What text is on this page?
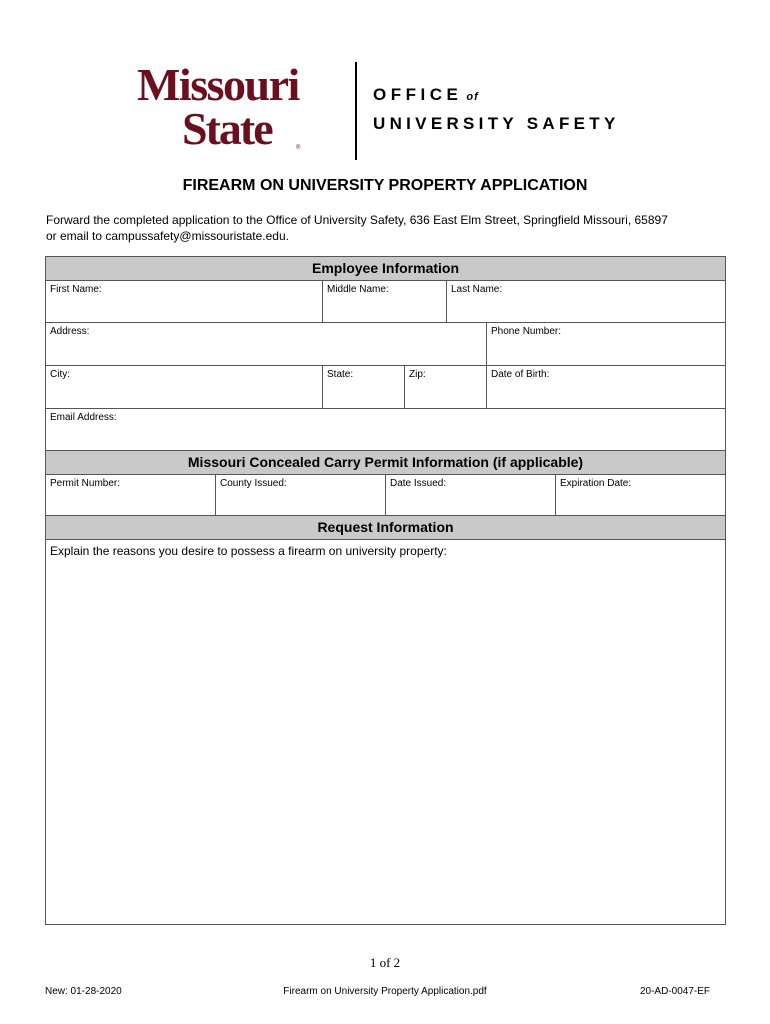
Missouri
State	®
OFFICE of
UNIVERSITY SAFETY
FIREARM ON UNIVERSITY PROPERTY APPLICATION
Forward the completed application to the Office of University Safety, 636 East Elm Street, Springfield Missouri, 65897
or email to campussafety@missouristate.edu.
Employee Information
First Name:	Middle Name:	Last Name:
Address:	Phone Number:
City:	State:	Zip:	Date of Birth:
Email Address:
Missouri Concealed Carry Permit Information (if applicable)
Permit Number:	County Issued:	Date Issued:	Expiration Date:
Request Information
Explain the reasons you desire to possess a firearm on university property:
1 of 2
New: 01-28-2020	Firearm on University Property Application.pdf	20-AD-0047-EF
